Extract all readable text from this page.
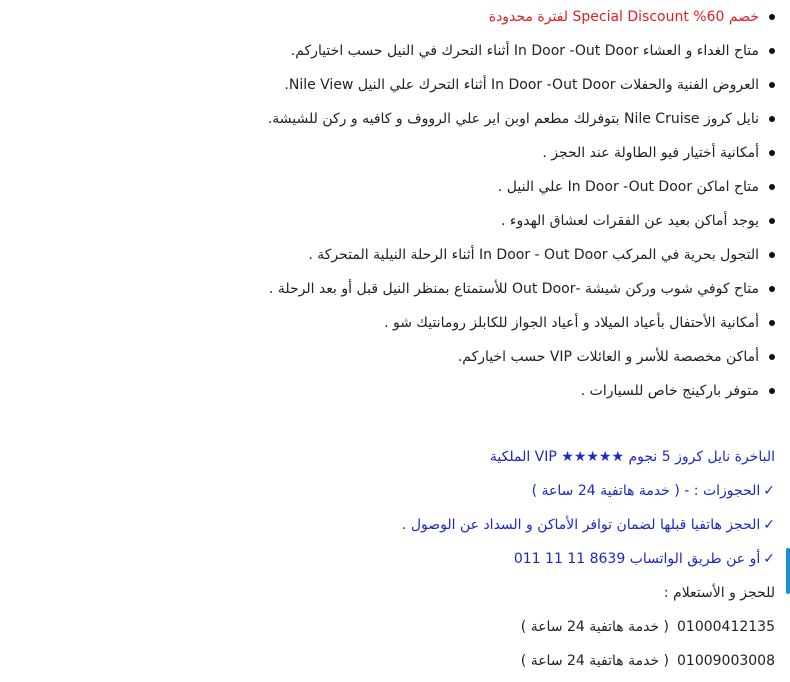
خصم 60% Special Discount لفترة محدودة
متاح الغداء و العشاء In Door -Out Door أثناء التحرك في النيل حسب اختياركم.
العروض الفنية والحفلات In Door -Out Door أثناء التحرك علي النيل Nile View.
نايل كروز Nile Cruise بتوفرلك مطعم اوبن اير علي الرووف و كافيه و ركن للشيشة.
أمكانية أختيار فيو الطاولة عند الحجز .
متاح اماكن In Door -Out Door علي النيل .
يوجد أماكن بعيد عن الفقرات لعشاق الهدوء .
التجول بحرية في المركب In Door - Out Door أثناء الرحلة النيلية المتحركة .
متاح كوفي شوب وركن شيشة -Out Door للأستمتاع بمنظر النيل قبل أو بعد الرحلة .
أمكانية الأحتفال بأعياد الميلاد و أعياد الجواز للكابلز رومانتيك شو .
أماكن مخصصة للأسر و العائلات VIP حسب اخياركم.
متوفر باركينج خاص للسيارات .
الباخرة نايل كروز 5 نجوم ★★★★★ VIP الملكية
✓الحجوزات : - ( خدمة هاتفية 24 ساعة )
✓الحجز هاتفيا قبلها لضمان توافر الأماكن و السداد عن الوصول .
✓أو عن طريق الواتساب 8639 11 11 011
للحجز و الأستعلام :
01000412135( خدمة هاتفية 24 ساعة )
01009003008( خدمة هاتفية 24 ساعة )
